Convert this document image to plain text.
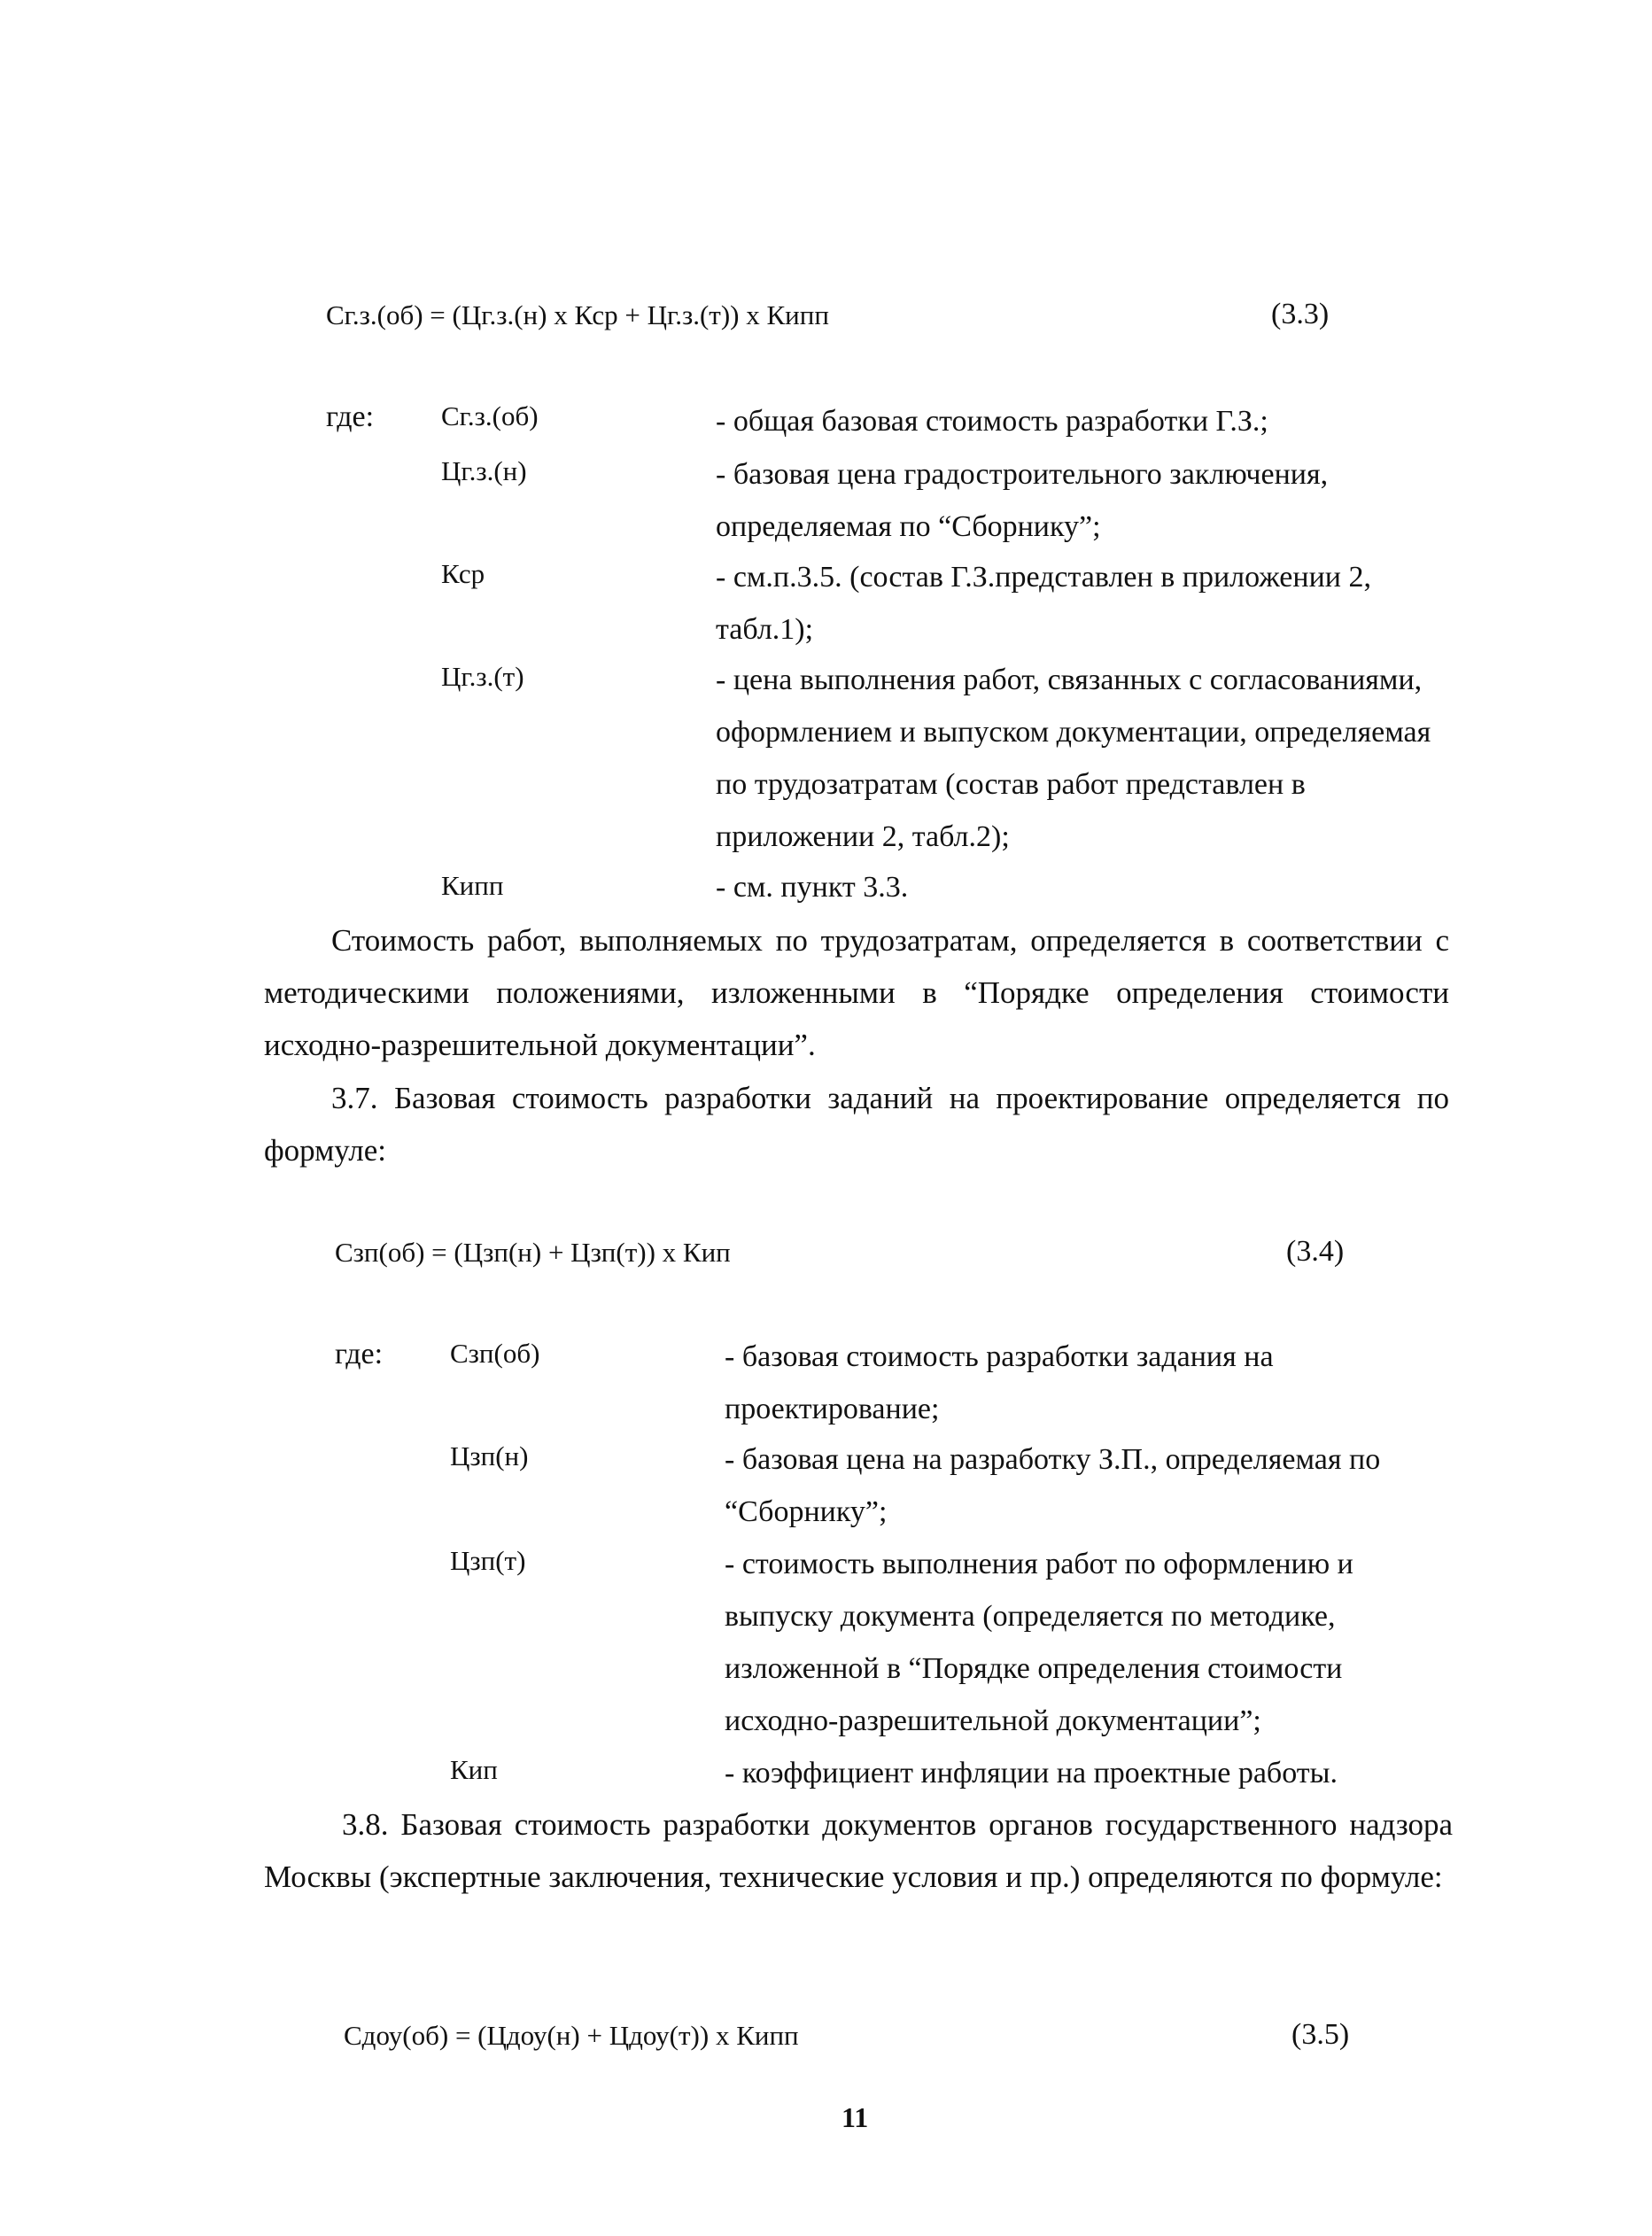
Сг.з.(об) = (Цг.з.(н) х Кср + Цг.з.(т)) х Кипп	(3.3)
где: Сг.з.(об)	- общая базовая стоимость разработки Г.З.;
Цг.з.(н)	- базовая цена градостроительного заключения, определяемая по “Сборнику”;
Кср	- см.п.3.5. (состав Г.З.представлен в приложении 2, табл.1);
Цг.з.(т)	- цена выполнения работ, связанных с согласованиями, оформлением и выпуском документации, определяемая по трудозатратам (состав работ представлен в приложении 2, табл.2);
Кипп	- см. пункт 3.3.
Стоимость работ, выполняемых по трудозатратам, определяется в соответствии с методическими положениями, изложенными в “Порядке определения стоимости исходно-разрешительной документации”.
3.7. Базовая стоимость разработки заданий на проектирование определяется по формуле:
Сзп(об) = (Цзп(н) + Цзп(т)) х Кип	(3.4)
где: Сзп(об)	- базовая стоимость разработки задания на проектирование;
Цзп(н)	- базовая цена на разработку З.П., определяемая по “Сборнику”;
Цзп(т)	- стоимость выполнения работ по оформлению и выпуску документа (определяется по методике, изложенной в “Порядке определения стоимости исходно-разрешительной документации”;
Кип	- коэффициент инфляции на проектные работы.
3.8. Базовая стоимость разработки документов органов государственного надзора Москвы (экспертные заключения, технические условия и пр.) определяются по формуле:
Сдоу(об) = (Цдоу(н) + Цдоу(т)) х Кипп	(3.5)
11
